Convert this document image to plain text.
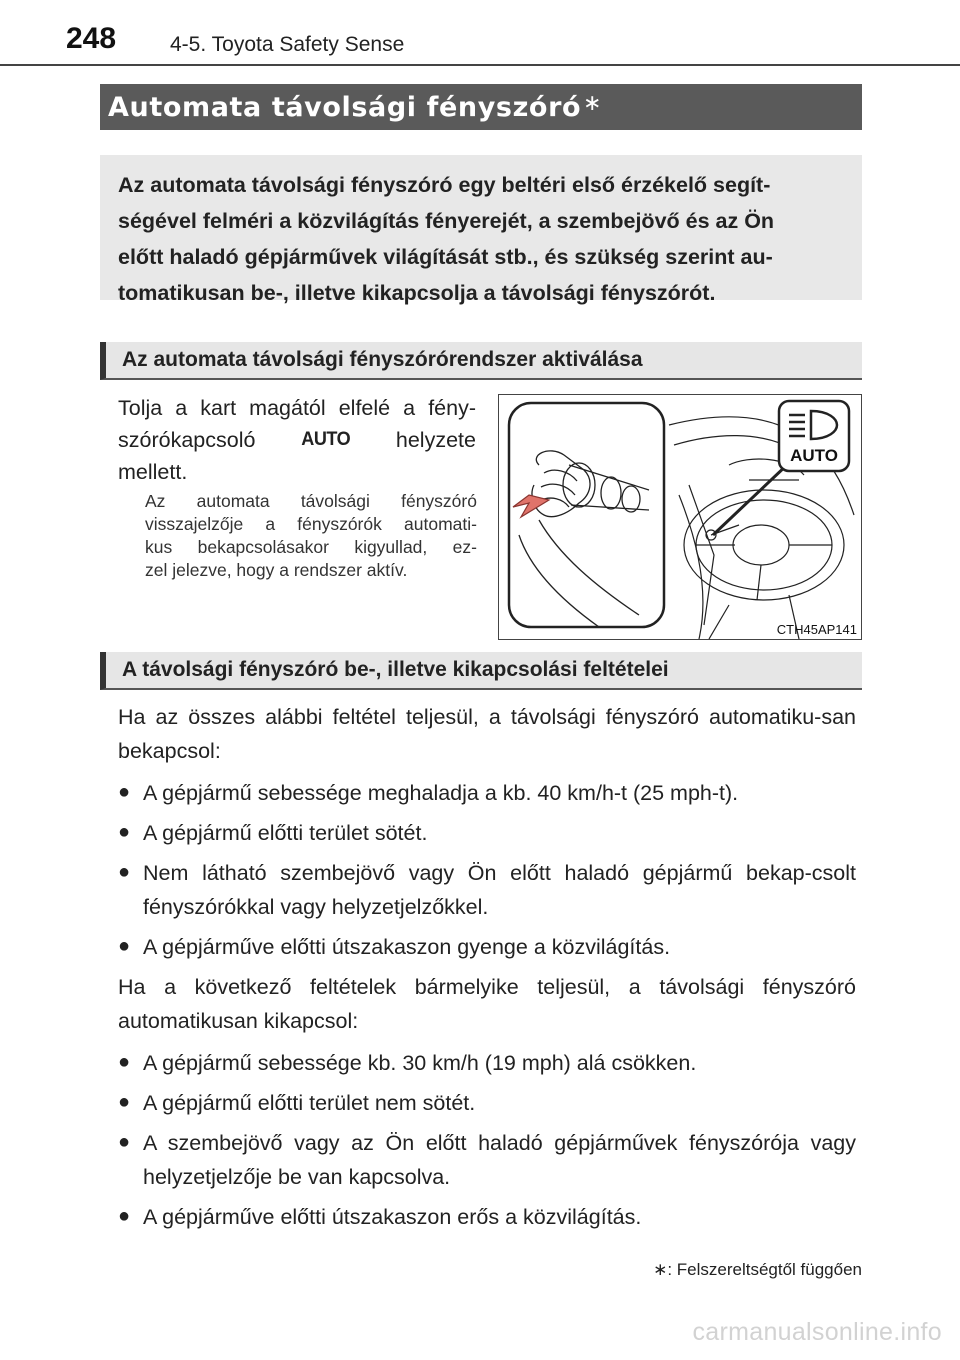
248	4-5. Toyota Safety Sense
Automata távolsági fényszóró∗
Az automata távolsági fényszóró egy beltéri első érzékelő segít-
ségével felméri a közvilágítás fényerejét, a szembejövő és az Ön
előtt haladó gépjárművek világítását stb., és szükség szerint au-
tomatikusan be-, illetve kikapcsolja a távolsági fényszórót.
Az automata távolsági fényszórórendszer aktiválása
Tolja a kart magától elfelé a fény-
szórókapcsoló AUTO helyzete
mellett.
Az automata távolsági fényszóró
visszajelzője a fényszórók automati-
kus bekapcsolásakor kigyullad, ez-
zel jelezve, hogy a rendszer aktív.
AUTO
CTH45AP141
A távolsági fényszóró be-, illetve kikapcsolási feltételei

Ha az összes alábbi feltétel teljesül, a távolsági fényszóró automatiku-san bekapcsol:

● A gépjármű sebessége meghaladja a kb. 40 km/h-t (25 mph-t).
● A gépjármű előtti terület sötét.
● Nem látható szembejövő vagy Ön előtt haladó gépjármű bekap-csolt fényszórókkal vagy helyzetjelzőkkel.
● A gépjárműve előtti útszakaszon gyenge a közvilágítás.

Ha a következő feltételek bármelyike teljesül, a távolsági fényszóró automatikusan kikapcsol:

● A gépjármű sebessége kb. 30 km/h (19 mph) alá csökken.
● A gépjármű előtti terület nem sötét.
● A szembejövő vagy az Ön előtt haladó gépjárművek fényszórója vagy helyzetjelzője be van kapcsolva.
● A gépjárműve előtti útszakaszon erős a közvilágítás.
∗: Felszereltségtől függően
carmanualsonline.info
